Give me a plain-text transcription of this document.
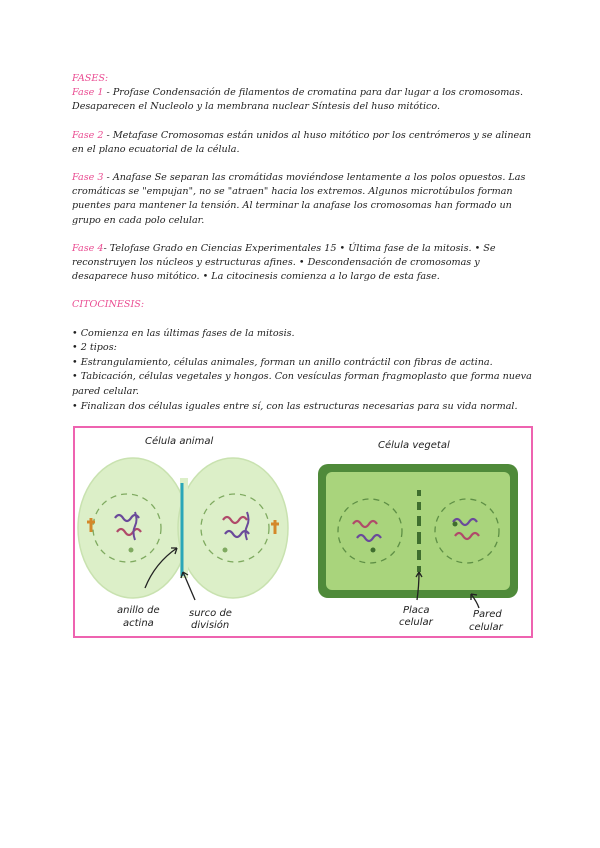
FASES:

Fase 1 - Profase Condensación de filamentos de cromatina para dar lugar a los cromosomas. Desaparecen el Nucleolo y la membrana nuclear Síntesis del huso mitótico.

Fase 2 - Metafase Cromosomas están unidos al huso mitótico por los centrómeros y se alinean en el plano ecuatorial de la célula.

Fase 3 - Anafase Se separan las cromátidas moviéndose lentamente a los polos opuestos. Las cromáticas se "empujan", no se "atraen" hacia los extremos. Algunos microtúbulos forman puentes para mantener la tensión. Al terminar la anafase los cromosomas han formado un grupo en cada polo celular.

Fase 4- Telofase Grado en Ciencias Experimentales 15 • Última fase de la mitosis. • Se reconstruyen los núcleos y estructuras afines. • Descondensación de cromosomas y desaparece huso mitótico. • La citocinesis comienza a lo largo de esta fase.

CITOCINESIS:

• Comienza en las últimas fases de la mitosis.

• 2 tipos:

• Estrangulamiento, células animales, forman un anillo contráctil con fibras de actina.

• Tabicación, células vegetales y hongos. Con vesículas forman fragmoplasto que forma nueva pared celular.

• Finalizan dos células iguales entre sí, con las estructuras necesarias para su vida normal.

Célula animal	Célula vegetal
anillo de
actina
surco de
división
Placa
celular
Pared
celular
